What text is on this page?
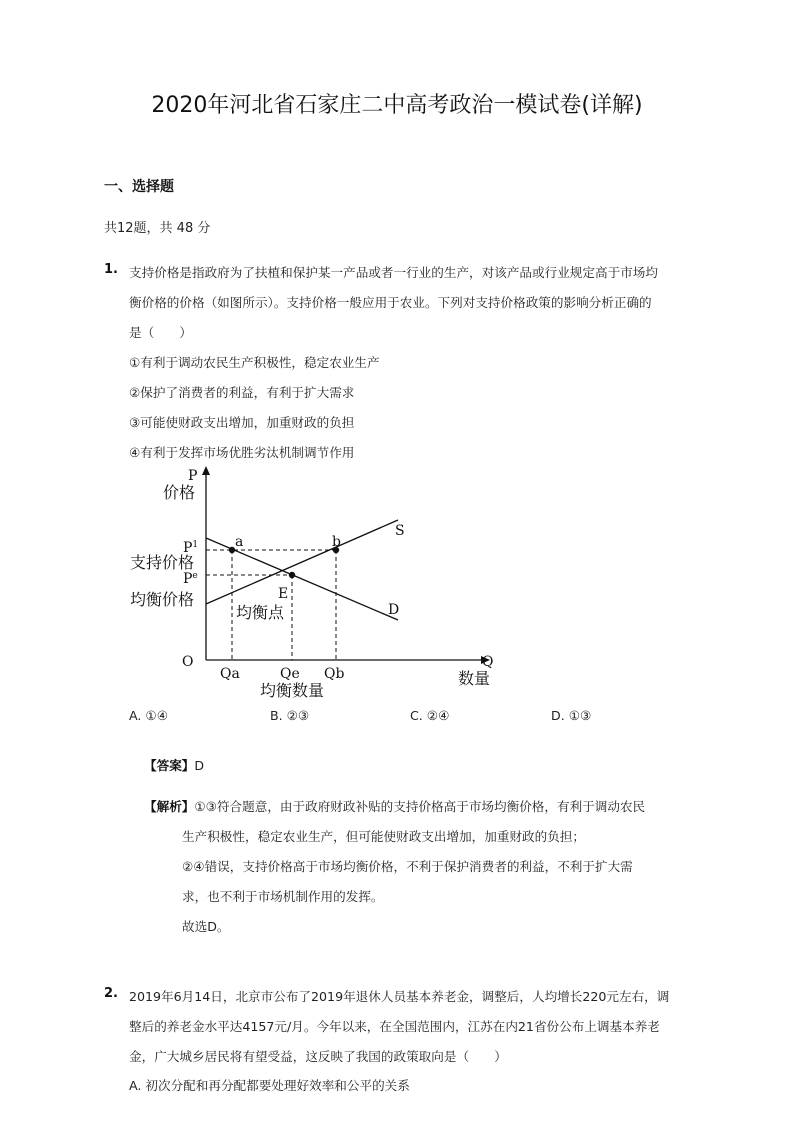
2020年河北省石家庄二中高考政治一模试卷(详解)
一、选择题
共12题，共 48 分
1. 支持价格是指政府为了扶植和保护某一产品或者一行业的生产，对该产品或行业规定高于市场均
衡价格的价格（如图所示）。支持价格一般应用于农业。下列对支持价格政策的影响分析正确的
是（　　）
①有利于调动农民生产积极性，稳定农业生产
②保护了消费者的利益，有利于扩大需求
③可能使财政支出增加，加重财政的负担
④有利于发挥市场优胜劣汰机制调节作用
P
价格
$P^1$
支持价格
$P^e$
均衡价格
O	Q
数量
Qa	Qe Qb
均衡数量
a	b
S
D
E
均衡点
A. ①④	B. ②③	C. ②④	D. ①③
【答案】D
【解析】①③符合题意，由于政府财政补贴的支持价格高于市场均衡价格，有利于调动农民
生产积极性，稳定农业生产，但可能使财政支出增加，加重财政的负担；
②④错误，支持价格高于市场均衡价格，不利于保护消费者的利益，不利于扩大需
求，也不利于市场机制作用的发挥。
故选D。
2. 2019年6月14日，北京市公布了2019年退休人员基本养老金，调整后，人均增长220元左右，调
整后的养老金水平达4157元/月。今年以来，在全国范围内，江苏在内21省份公布上调基本养老
金，广大城乡居民将有望受益，这反映了我国的政策取向是（　　）
A. 初次分配和再分配都要处理好效率和公平的关系
